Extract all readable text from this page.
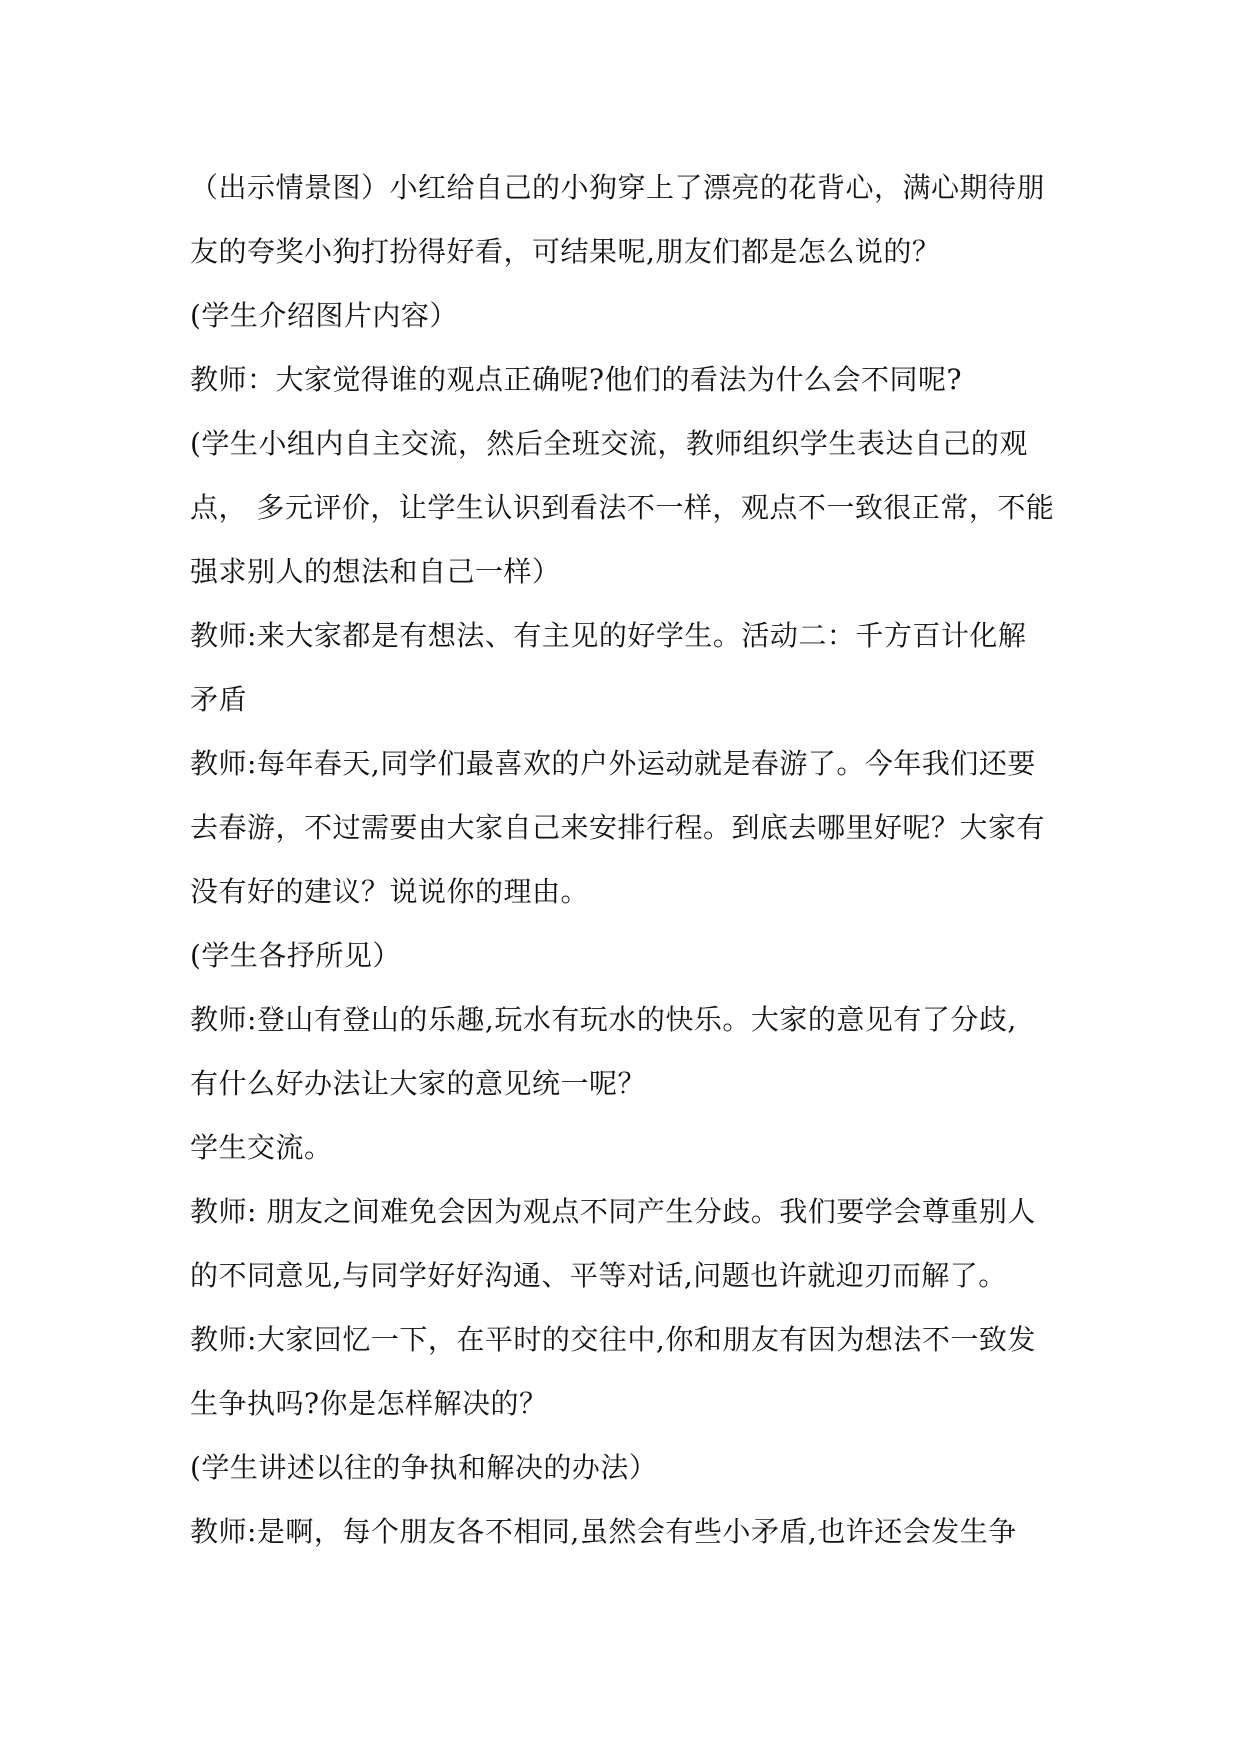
（出示情景图）小红给自己的小狗穿上了漂亮的花背心，满心期待朋
友的夸奖小狗打扮得好看，可结果呢,朋友们都是怎么说的？
(学生介绍图片内容）
教师：大家觉得谁的观点正确呢?他们的看法为什么会不同呢?
(学生小组内自主交流，然后全班交流，教师组织学生表达自己的观
点， 多元评价，让学生认识到看法不一样，观点不一致很正常，不能
强求别人的想法和自己一样）
教师:来大家都是有想法、有主见的好学生。活动二：千方百计化解
矛盾
教师:每年春天,同学们最喜欢的户外运动就是春游了。今年我们还要
去春游，不过需要由大家自己来安排行程。到底去哪里好呢？大家有
没有好的建议？说说你的理由。
(学生各抒所见）
教师:登山有登山的乐趣,玩水有玩水的快乐。大家的意见有了分歧,
有什么好办法让大家的意见统一呢？
学生交流。
教师: 朋友之间难免会因为观点不同产生分歧。我们要学会尊重别人
的不同意见,与同学好好沟通、平等对话,问题也许就迎刃而解了。
教师:大家回忆一下，在平时的交往中,你和朋友有因为想法不一致发
生争执吗?你是怎样解决的？
(学生讲述以往的争执和解决的办法）
教师:是啊，每个朋友各不相同,虽然会有些小矛盾,也许还会发生争
